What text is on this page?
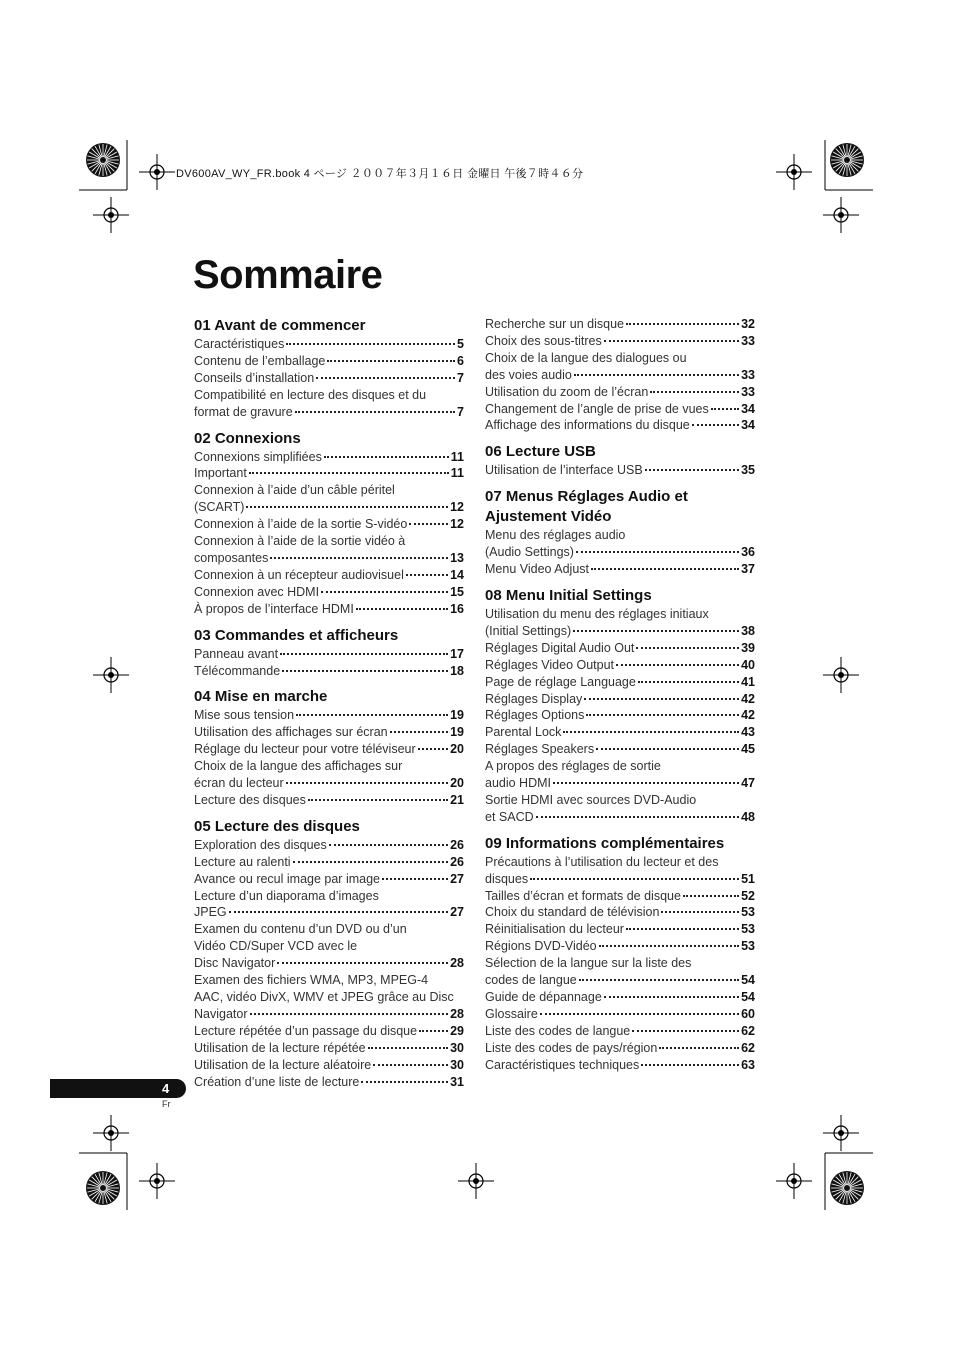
DV600AV_WY_FR.book 4 ページ ２００７年３月１６日 金曜日 午後７時４６分
Sommaire
01 Avant de commencer
Caractéristiques	5
Contenu de l’emballage	6
Conseils d’installation	7
Compatibilité en lecture des disques et du
format de gravure	7
02 Connexions
Connexions simplifiées	11
Important	11
Connexion à l’aide d’un câble péritel
(SCART)	12
Connexion à l’aide de la sortie S-vidéo	12
Connexion à l’aide de la sortie vidéo à
composantes	13
Connexion à un récepteur audiovisuel	14
Connexion avec HDMI	15
À propos de l’interface HDMI	16
03 Commandes et afficheurs
Panneau avant	17
Télécommande	18
04 Mise en marche
Mise sous tension	19
Utilisation des affichages sur écran	19
Réglage du lecteur pour votre téléviseur	20
Choix de la langue des affichages sur
écran du lecteur	20
Lecture des disques	21
05 Lecture des disques
Exploration des disques	26
Lecture au ralenti	26
Avance ou recul image par image	27
Lecture d’un diaporama d’images
JPEG	27
Examen du contenu d’un DVD ou d’un
Vidéo CD/Super VCD avec le
Disc Navigator	28
Examen des fichiers WMA, MP3, MPEG-4
AAC, vidéo DivX, WMV et JPEG grâce au Disc
Navigator	28
Lecture répétée d’un passage du disque	29
Utilisation de la lecture répétée	30
Utilisation de la lecture aléatoire	30
Création d’une liste de lecture	31
Recherche sur un disque	32
Choix des sous-titres	33
Choix de la langue des dialogues ou
des voies audio	33
Utilisation du zoom de l’écran	33
Changement de l’angle de prise de vues	34
Affichage des informations du disque	34
06 Lecture USB
Utilisation de l’interface USB	35
07 Menus Réglages Audio et Ajustement Vidéo
Menu des réglages audio
(Audio Settings)	36
Menu Video Adjust	37
08 Menu Initial Settings
Utilisation du menu des réglages initiaux
(Initial Settings)	38
Réglages Digital Audio Out	39
Réglages Video Output	40
Page de réglage Language	41
Réglages Display	42
Réglages Options	42
Parental Lock	43
Réglages Speakers	45
A propos des réglages de sortie
audio HDMI	47
Sortie HDMI avec sources DVD-Audio
et SACD	48
09 Informations complémentaires
Précautions à l’utilisation du lecteur et des
disques	51
Tailles d’écran et formats de disque	52
Choix du standard de télévision	53
Réinitialisation du lecteur	53
Régions DVD-Vidéo	53
Sélection de la langue sur la liste des
codes de langue	54
Guide de dépannage	54
Glossaire	60
Liste des codes de langue	62
Liste des codes de pays/région	62
Caractéristiques techniques	63
4
Fr
